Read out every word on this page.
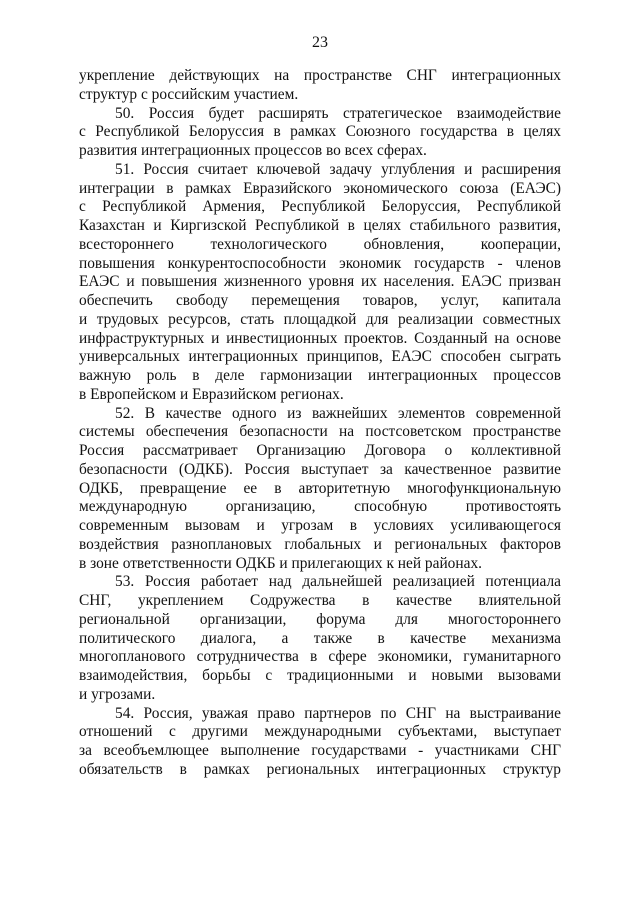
23
укрепление действующих на пространстве СНГ интеграционных
структур с российским участием.
50. Россия будет расширять стратегическое взаимодействие
с Республикой Белоруссия в рамках Союзного государства в целях
развития интеграционных процессов во всех сферах.
51. Россия считает ключевой задачу углубления и расширения
интеграции в рамках Евразийского экономического союза (ЕАЭС)
с Республикой Армения, Республикой Белоруссия, Республикой
Казахстан и Киргизской Республикой в целях стабильного развития,
всестороннего технологического обновления, кооперации,
повышения конкурентоспособности экономик государств - членов
ЕАЭС и повышения жизненного уровня их населения. ЕАЭС призван
обеспечить свободу перемещения товаров, услуг, капитала
и трудовых ресурсов, стать площадкой для реализации совместных
инфраструктурных и инвестиционных проектов. Созданный на основе
универсальных интеграционных принципов, ЕАЭС способен сыграть
важную роль в деле гармонизации интеграционных процессов
в Европейском и Евразийском регионах.
52. В качестве одного из важнейших элементов современной
системы обеспечения безопасности на постсоветском пространстве
Россия рассматривает Организацию Договора о коллективной
безопасности (ОДКБ). Россия выступает за качественное развитие
ОДКБ, превращение ее в авторитетную многофункциональную
международную организацию, способную противостоять
современным вызовам и угрозам в условиях усиливающегося
воздействия разноплановых глобальных и региональных факторов
в зоне ответственности ОДКБ и прилегающих к ней районах.
53. Россия работает над дальнейшей реализацией потенциала
СНГ, укреплением Содружества в качестве влиятельной
региональной организации, форума для многостороннего
политического диалога, а также в качестве механизма
многопланового сотрудничества в сфере экономики, гуманитарного
взаимодействия, борьбы с традиционными и новыми вызовами
и угрозами.
54. Россия, уважая право партнеров по СНГ на выстраивание
отношений с другими международными субъектами, выступает
за всеобъемлющее выполнение государствами - участниками СНГ
обязательств в рамках региональных интеграционных структур
